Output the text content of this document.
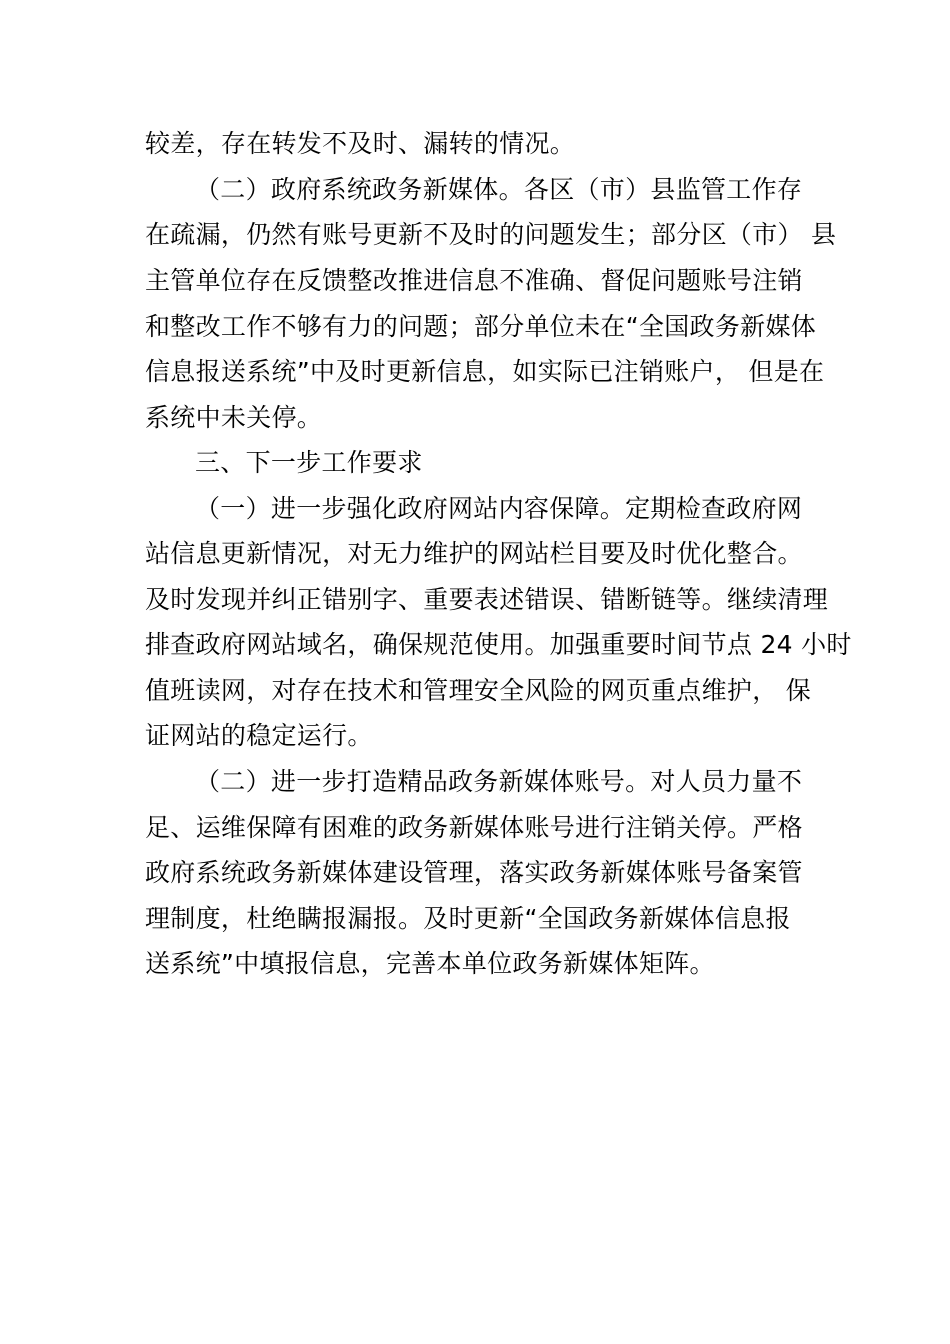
较差，存在转发不及时、漏转的情况。
（二）政府系统政务新媒体。各区（市）县监管工作存
在疏漏，仍然有账号更新不及时的问题发生；部分区（市） 县
主管单位存在反馈整改推进信息不准确、督促问题账号注销
和整改工作不够有力的问题；部分单位未在“全国政务新媒体
信息报送系统”中及时更新信息，如实际已注销账户， 但是在
系统中未关停。
三、下一步工作要求
（一）进一步强化政府网站内容保障。定期检查政府网
站信息更新情况，对无力维护的网站栏目要及时优化整合。
及时发现并纠正错别字、重要表述错误、错断链等。继续清理
排查政府网站域名，确保规范使用。加强重要时间节点 24 小时
值班读网，对存在技术和管理安全风险的网页重点维护， 保
证网站的稳定运行。
（二）进一步打造精品政务新媒体账号。对人员力量不
足、运维保障有困难的政务新媒体账号进行注销关停。严格
政府系统政务新媒体建设管理，落实政务新媒体账号备案管
理制度，杜绝瞒报漏报。及时更新“全国政务新媒体信息报
送系统”中填报信息，完善本单位政务新媒体矩阵。
